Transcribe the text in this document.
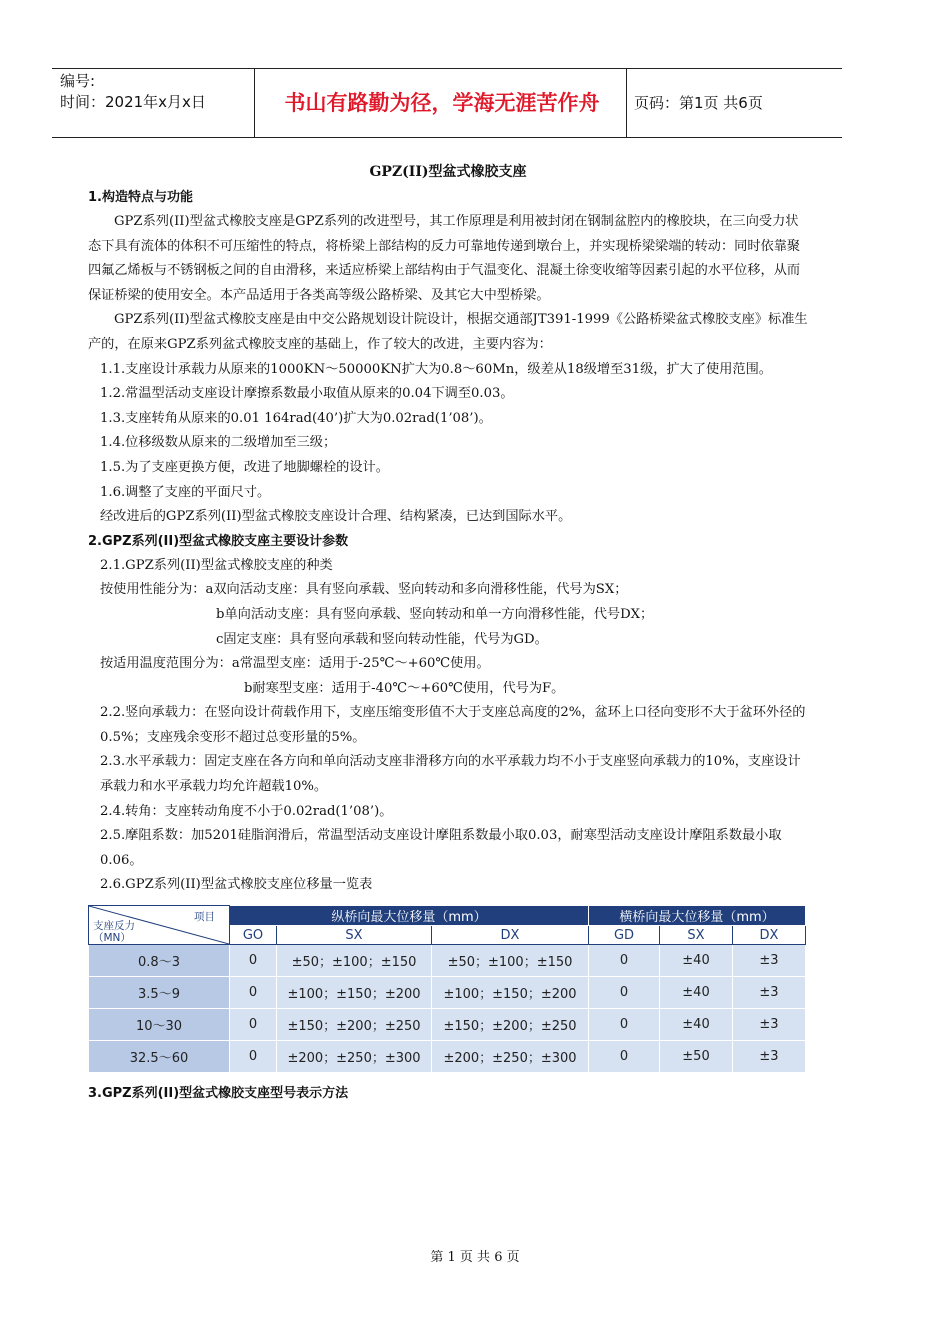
编号:
时间：2021年x月x日	书山有路勤为径，学海无涯苦作舟	页码：第1页 共6页
GPZ(II)型盆式橡胶支座
1.构造特点与功能

GPZ系列(II)型盆式橡胶支座是GPZ系列的改进型号，其工作原理是利用被封闭在钢制盆腔内的橡胶块，在三向受力状态下具有流体的体积不可压缩性的特点，将桥梁上部结构的反力可靠地传递到墩台上，并实现桥梁梁端的转动：同时依靠聚四氟乙烯板与不锈钢板之间的自由滑移，来适应桥梁上部结构由于气温变化、混凝土徐变收缩等因素引起的水平位移，从而保证桥梁的使用安全。本产品适用于各类高等级公路桥梁、及其它大中型桥梁。

GPZ系列(II)型盆式橡胶支座是由中交公路规划设计院设计，根据交通部JT391-1999《公路桥梁盆式橡胶支座》标准生产的，在原来GPZ系列盆式橡胶支座的基础上，作了较大的改进，主要内容为：

1.1.支座设计承载力从原来的1000KN～50000KN扩大为0.8～60Mn，级差从18级增至31级，扩大了使用范围。

1.2.常温型活动支座设计摩擦系数最小取值从原来的0.04下调至0.03。

1.3.支座转角从原来的0.01 164rad(40’)扩大为0.02rad(1’08’)。

1.4.位移级数从原来的二级增加至三级；

1.5.为了支座更换方便，改进了地脚螺栓的设计。

1.6.调整了支座的平面尺寸。

经改进后的GPZ系列(II)型盆式橡胶支座设计合理、结构紧凑，已达到国际水平。

2.GPZ系列(II)型盆式橡胶支座主要设计参数

2.1.GPZ系列(II)型盆式橡胶支座的种类

按使用性能分为：a双向活动支座：具有竖向承载、竖向转动和多向滑移性能，代号为SX；

b单向活动支座：具有竖向承载、竖向转动和单一方向滑移性能，代号DX；

c固定支座：具有竖向承载和竖向转动性能，代号为GD。

按适用温度范围分为：a常温型支座：适用于-25℃～+60℃使用。

b耐寒型支座：适用于-40℃～+60℃使用，代号为F。

2.2.竖向承载力：在竖向设计荷载作用下，支座压缩变形值不大于支座总高度的2%，盆环上口径向变形不大于盆环外径的0.5%；支座残余变形不超过总变形量的5%。

2.3.水平承载力：固定支座在各方向和单向活动支座非滑移方向的水平承载力均不小于支座竖向承载力的10%，支座设计承载力和水平承载力均允许超载10%。

2.4.转角：支座转动角度不小于0.02rad(1’08’)。

2.5.摩阻系数：加5201硅脂润滑后，常温型活动支座设计摩阻系数最小取0.03，耐寒型活动支座设计摩阻系数最小取0.06。

2.6.GPZ系列(II)型盆式橡胶支座位移量一览表

项目
支座反力
（MN）	纵桥向最大位移量（mm）			横桥向最大位移量（mm）		
	GO	SX	DX	GD	SX	DX
0.8～3	0	±50；±100；±150	±50；±100；±150	0	±40	±3
3.5～9	0	±100；±150；±200	±100；±150；±200	0	±40	±3
10～30	0	±150；±200；±250	±150；±200；±250	0	±40	±3
32.5～60	0	±200；±250；±300	±200；±250；±300	0	±50	±3
3.GPZ系列(II)型盆式橡胶支座型号表示方法
第 1 页 共 6 页
